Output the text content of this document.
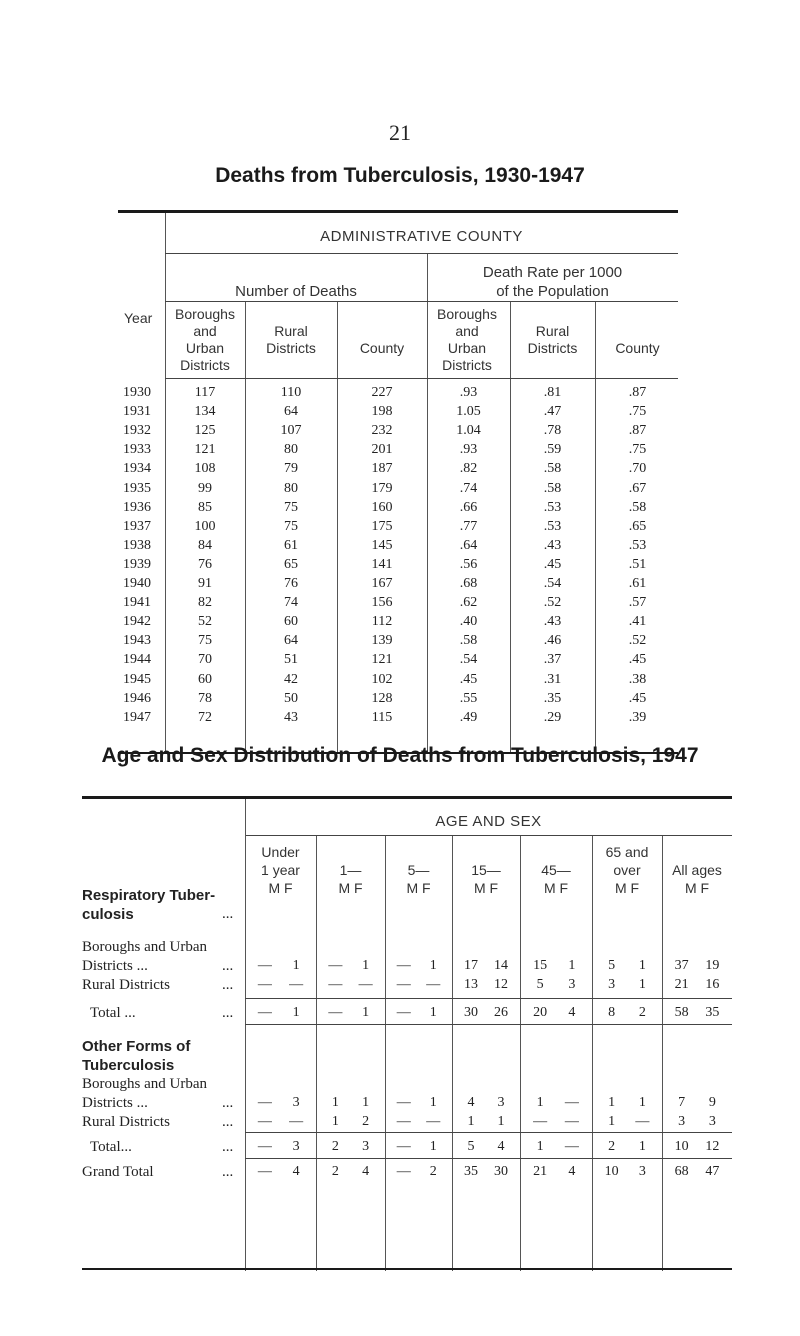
21
Deaths from Tuberculosis, 1930-1947
ADMINISTRATIVE COUNTY
Number of Deaths
Death Rate per 1000
of the Population
Year	Boroughs
and
Urban
Districts
Rural
Districts	County
Boroughs
and
Urban
Districts
Rural
Districts	County
1930	117	110	227	.93	.81	.87
1931	134	64	198	1.05	.47	.75
1932	125	107	232	1.04	.78	.87
1933	121	80	201	.93	.59	.75
1934	108	79	187	.82	.58	.70
1935	99	80	179	.74	.58	.67
1936	85	75	160	.66	.53	.58
1937	100	75	175	.77	.53	.65
1938	84	61	145	.64	.43	.53
1939	76	65	141	.56	.45	.51
1940	91	76	167	.68	.54	.61
1941	82	74	156	.62	.52	.57
1942	52	60	112	.40	.43	.41
1943	75	64	139	.58	.46	.52
1944	70	51	121	.54	.37	.45
1945	60	42	102	.45	.31	.38
1946	78	50	128	.55	.35	.45
1947	72	43	115	.49	.29	.39
Age and Sex Distribution of Deaths from Tuberculosis, 1947
AGE AND SEX
Under
1 year
M F
1—
M F
5—
M F
15—
M F
45—
M F
65 and
over
M F
All ages
M F
Respiratory Tuber-
culosis	...
Other Forms of
Tuberculosis
Boroughs and Urban
Districts ...	...	—	1	—	1	—	1	17	14	15	1	5	1	37	19
Rural Districts	...	—	—	—	—	—	—	13	12	5	3	3	1	21	16
Total ...	...	—	1	—	1	—	1	30	26	20	4	8	2	58	35
Boroughs and Urban
Districts ...	...	—	3	1	1	—	1	4	3	1	—	1	1	7	9
Rural Districts	...	—	—	1	2	—	—	1	1	—	—	1	—	3	3
Total...	...	—	3	2	3	—	1	5	4	1	—	2	1	10	12
Grand Total	...	—	4	2	4	—	2	35	30	21	4	10	3	68	47
